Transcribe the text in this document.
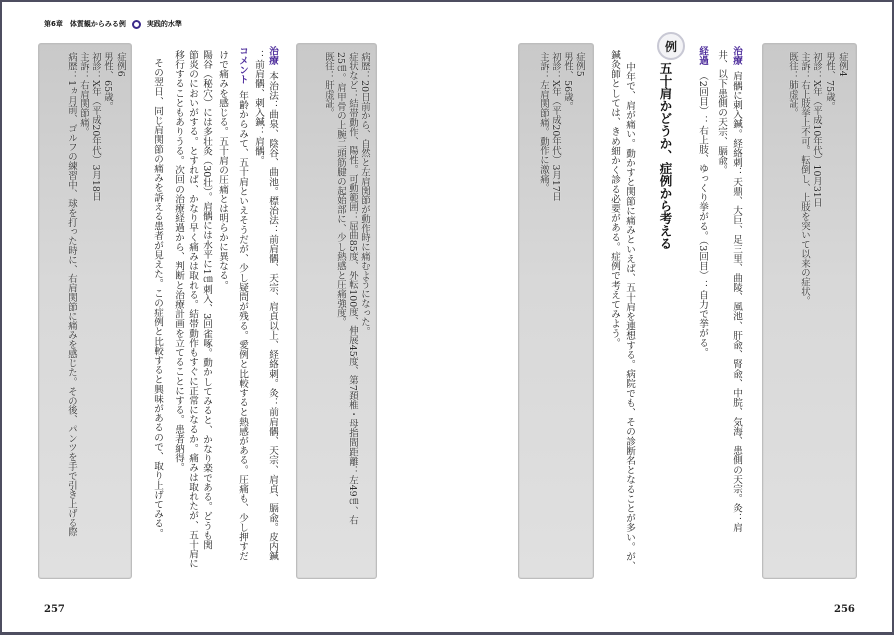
第6章　体質観からみる例	実践的水準
症例4
男性、75歳。
初診：X年（平成10年代）10月31日
主訴：右上肢挙上不可。転倒し、上肢を突いて以来の症状。
既往：肺虚証。
治療肩髃に刺入鍼。経絡刺：天鼎、大巨、足三里、曲陵、風池、肝兪、腎兪、中脘、気海、患側の天宗。灸：肩
井、以下患側の天宗、膈兪。
経過（2回目）：右上肢、ゆっくり挙がる。（3回目）：自力で挙がる。
例
五十肩かどうか、症例から考える
中年で、肩が痛い。動かすと関節に痛みといえば、五十肩を連想する。病院でも、その診断名となることが多い。が、
鍼灸師としては、きめ細かく診る必要がある。症例で考えてみよう。
症例5
男性、56歳。
初診：X年（平成20年代）3月17日
主訴：左肩関節痛。動作に激痛。
256
病歴：20日前から、自然と左肩関節が動作時に痛むようになった。
症状など：結帯動作、陽性。可動範囲：屈曲85度、外転100度、伸展45度、第7頚椎・母指間距離：左49㎝、右
25㎝。肩甲骨の上腕二頭筋腱の起始部に、少し熱感と圧痛強度。
既往：肝虚証。
治療本治法：曲泉、陰谷、曲池。標治法：前肩髃、天宗、肩貞以上、経絡刺。灸：前肩髃、天宗、肩貞、膈兪。皮内鍼
：前肩髃、刺入鍼：肩髃。
コメント年齢からみて、五十肩といえそうだが、少し疑問が残る。愛例と比較すると熱感がある。圧痛も、少し押すだ
けで痛みを感じる。五十肩の圧痛とは明らかに異なる。
陽谷（秘穴）には多壮灸（30壮）。肩髃には水平に1㎝刺入、3回雀啄。動かしてみると、かなり楽である。どうも関
節炎のにおいがする。とすれば、かなり早く痛みは取れる。結帯動作もすぐに正常になるか。痛みは取れたが、五十肩に
移行することもありうる。次回の治療経過から、判断と治療計画を立てることにする。患者納得。
その翌日、同じ肩関節の痛みを訴える患者が見えた。この症例と比較すると興味があるので、取り上げてみる。
症例6
男性、65歳。
初診：X年（平成20年代）3月18日
主訴：右肩関節痛。
病歴：1ヵ月前、ゴルフの練習中、球を打った時に、右肩関節に痛みを感じた。その後、パンツを手で引き上げる際
257
